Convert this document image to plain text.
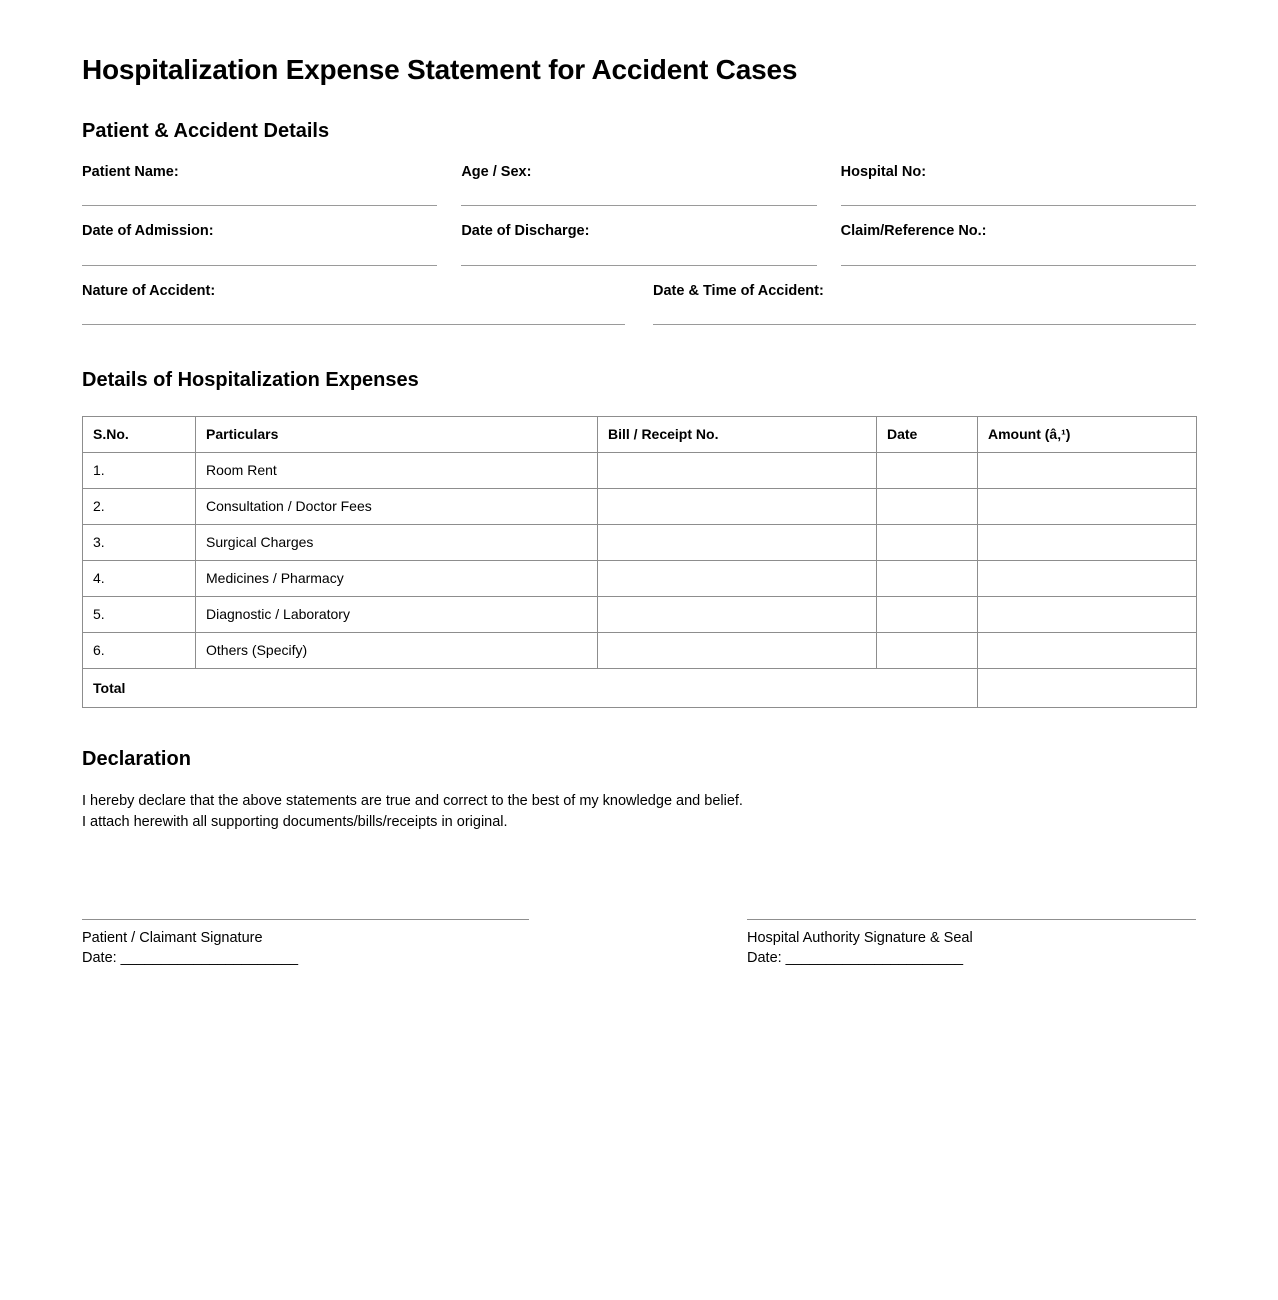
Hospitalization Expense Statement for Accident Cases
Patient & Accident Details
Patient Name:	Age / Sex:	Hospital No:
Date of Admission:	Date of Discharge:	Claim/Reference No.:
Nature of Accident:	Date & Time of Accident:
Details of Hospitalization Expenses
S.No.	Particulars	Bill / Receipt No.	Date	Amount (â‚¹)
1.	Room Rent			
2.	Consultation / Doctor Fees			
3.	Surgical Charges			
4.	Medicines / Pharmacy			
5.	Diagnostic / Laboratory			
6.	Others (Specify)			
Total				
Declaration
I hereby declare that the above statements are true and correct to the best of my knowledge and belief.
I attach herewith all supporting documents/bills/receipts in original.
Patient / Claimant Signature
Date: ______________________
Hospital Authority Signature & Seal
Date: ______________________
